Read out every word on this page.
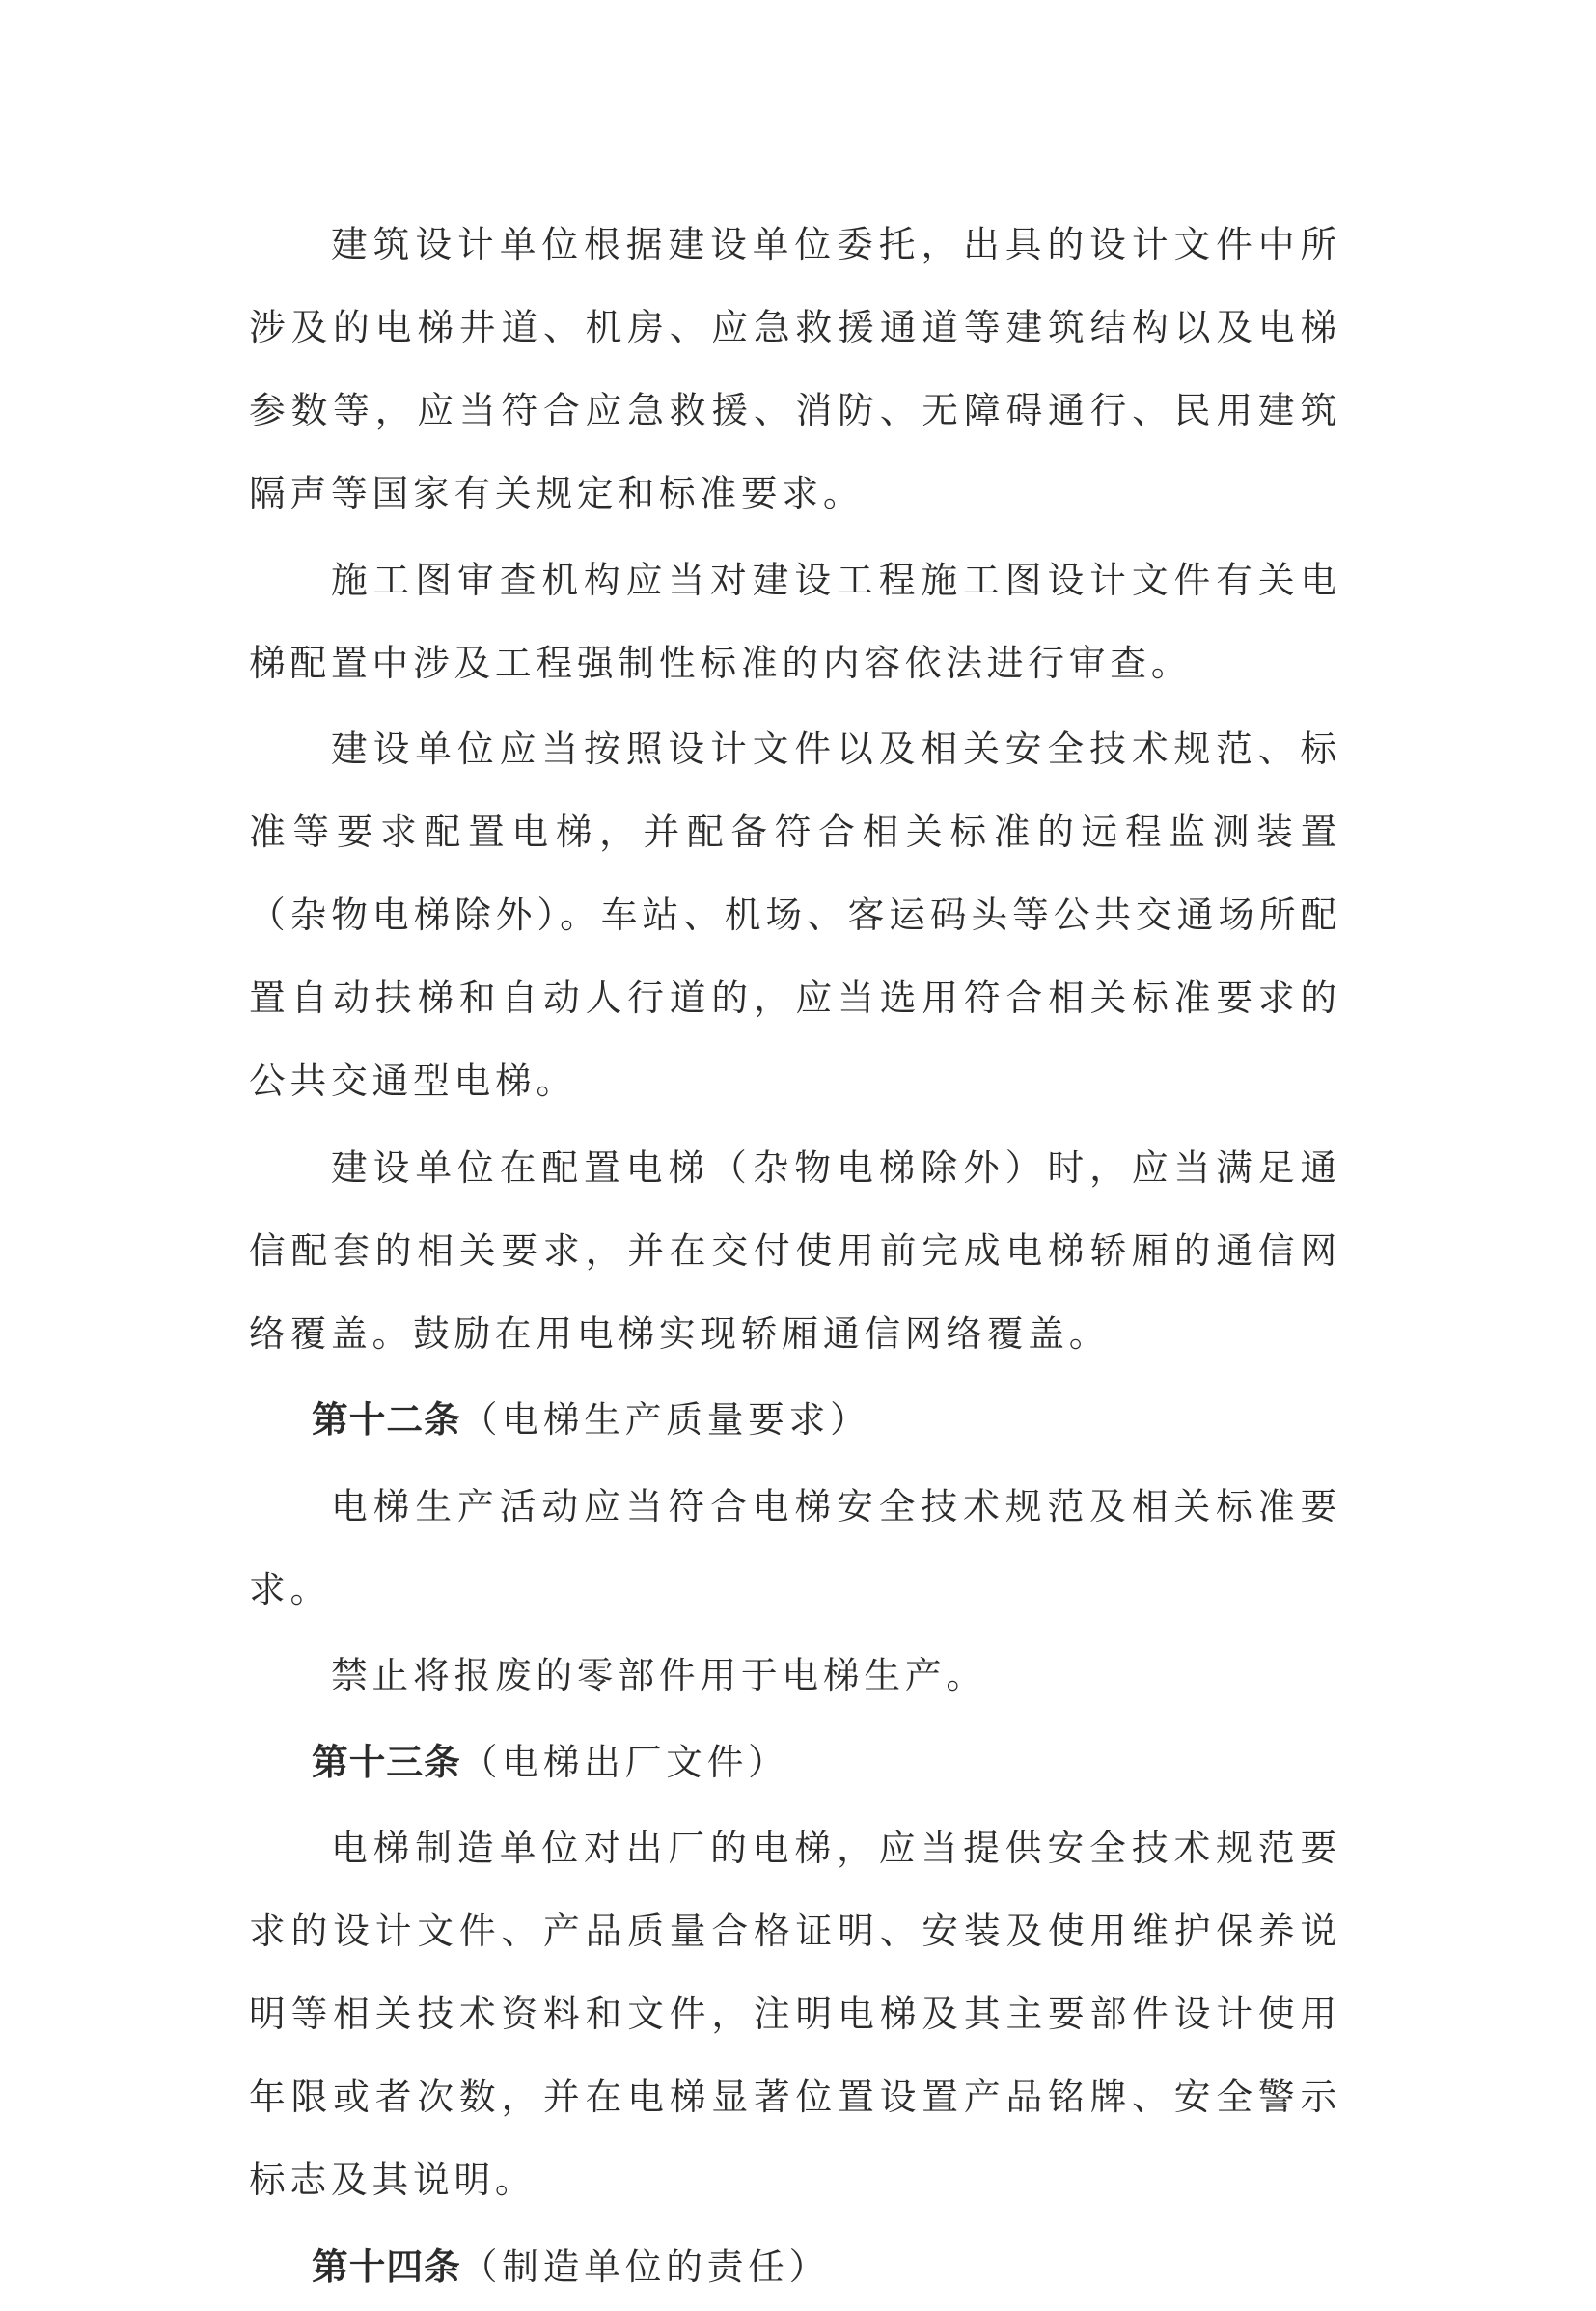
建筑设计单位根据建设单位委托，出具的设计文件中所涉及的电梯井道、机房、应急救援通道等建筑结构以及电梯参数等，应当符合应急救援、消防、无障碍通行、民用建筑隔声等国家有关规定和标准要求。

施工图审查机构应当对建设工程施工图设计文件有关电梯配置中涉及工程强制性标准的内容依法进行审查。

建设单位应当按照设计文件以及相关安全技术规范、标准等要求配置电梯，并配备符合相关标准的远程监测装置（杂物电梯除外）。车站、机场、客运码头等公共交通场所配置自动扶梯和自动人行道的，应当选用符合相关标准要求的公共交通型电梯。

建设单位在配置电梯（杂物电梯除外）时，应当满足通信配套的相关要求，并在交付使用前完成电梯轿厢的通信网络覆盖。鼓励在用电梯实现轿厢通信网络覆盖。

第十二条（电梯生产质量要求）

电梯生产活动应当符合电梯安全技术规范及相关标准要求。

禁止将报废的零部件用于电梯生产。

第十三条（电梯出厂文件）

电梯制造单位对出厂的电梯，应当提供安全技术规范要求的设计文件、产品质量合格证明、安装及使用维护保养说明等相关技术资料和文件，注明电梯及其主要部件设计使用年限或者次数，并在电梯显著位置设置产品铭牌、安全警示标志及其说明。

第十四条（制造单位的责任）
